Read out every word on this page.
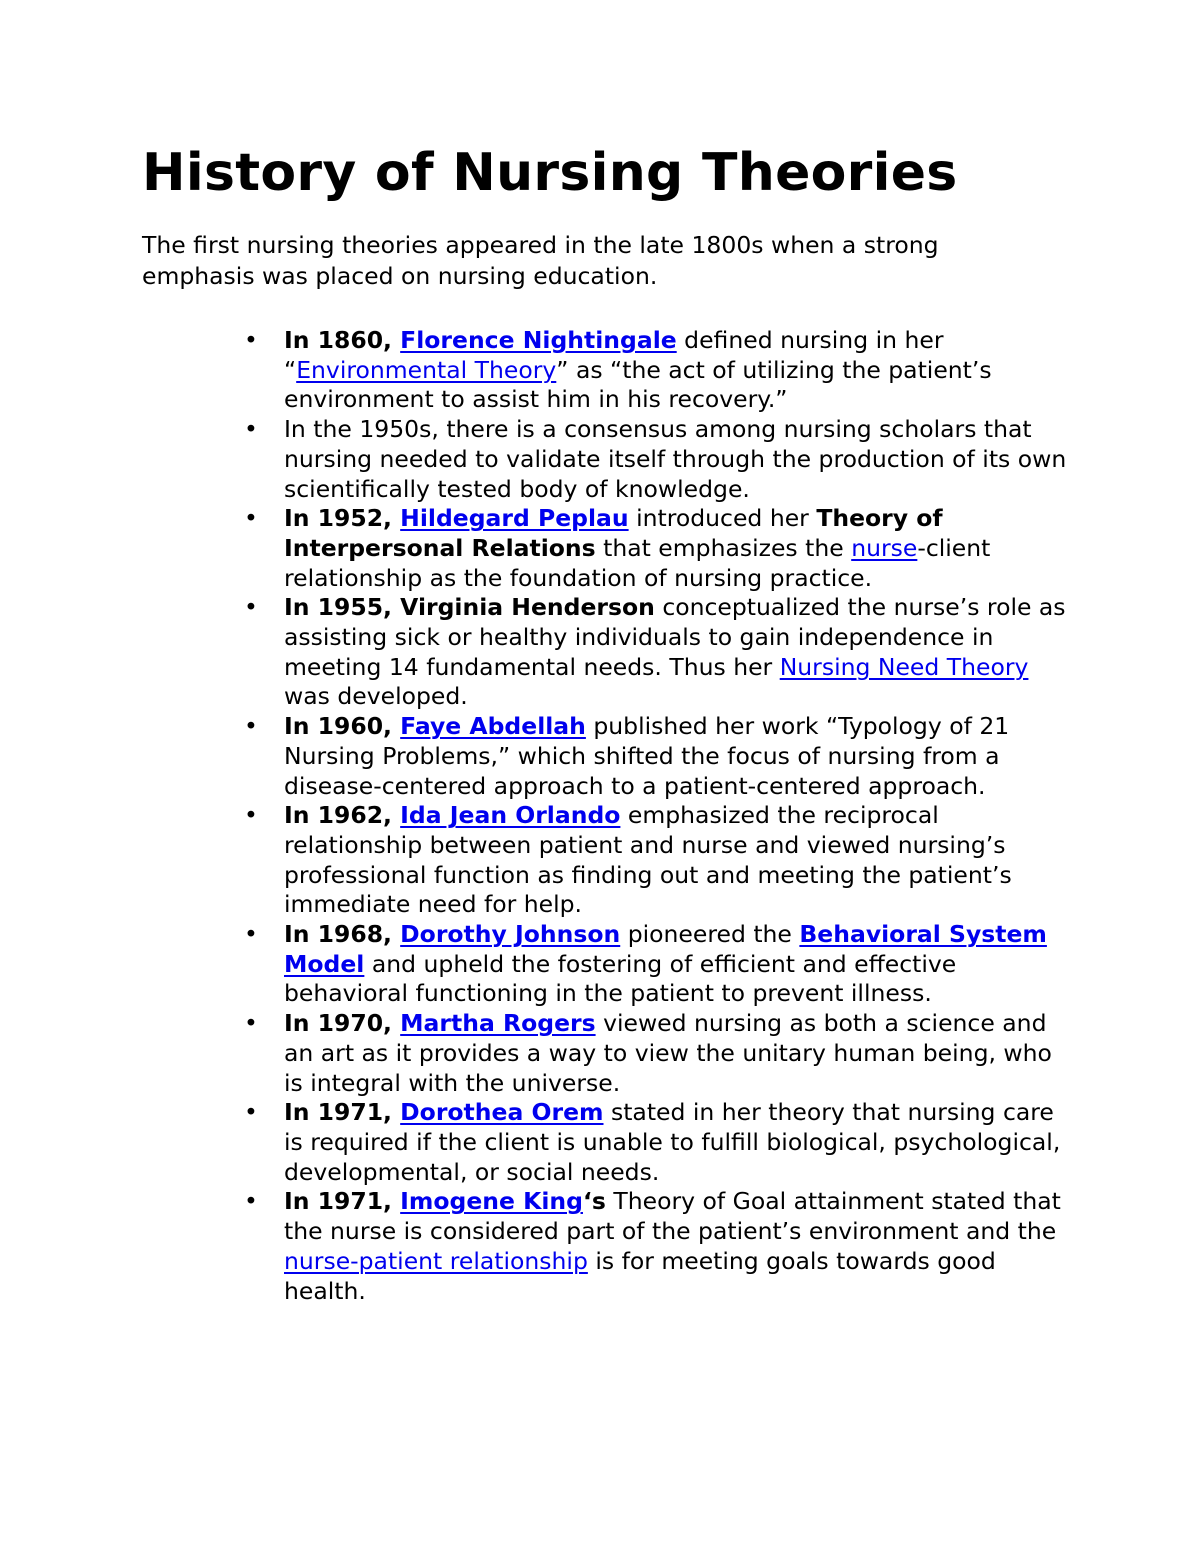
History of Nursing Theories

The first nursing theories appeared in the late 1800s when a strong emphasis was placed on nursing education.

• In 1860, Florence Nightingale defined nursing in her “Environmental Theory” as “the act of utilizing the patient’s environment to assist him in his recovery.”
• In the 1950s, there is a consensus among nursing scholars that nursing needed to validate itself through the production of its own scientifically tested body of knowledge.
• In 1952, Hildegard Peplau introduced her Theory of Interpersonal Relations that emphasizes the nurse-client relationship as the foundation of nursing practice.
• In 1955, Virginia Henderson conceptualized the nurse’s role as assisting sick or healthy individuals to gain independence in meeting 14 fundamental needs. Thus her Nursing Need Theory was developed.
• In 1960, Faye Abdellah published her work “Typology of 21 Nursing Problems,” which shifted the focus of nursing from a disease-centered approach to a patient-centered approach.
• In 1962, Ida Jean Orlando emphasized the reciprocal relationship between patient and nurse and viewed nursing’s professional function as finding out and meeting the patient’s immediate need for help.
• In 1968, Dorothy Johnson pioneered the Behavioral System Model and upheld the fostering of efficient and effective behavioral functioning in the patient to prevent illness.
• In 1970, Martha Rogers viewed nursing as both a science and an art as it provides a way to view the unitary human being, who is integral with the universe.
• In 1971, Dorothea Orem stated in her theory that nursing care is required if the client is unable to fulfill biological, psychological, developmental, or social needs.
• In 1971, Imogene King‘s Theory of Goal attainment stated that the nurse is considered part of the patient’s environment and the nurse-patient relationship is for meeting goals towards good health.
